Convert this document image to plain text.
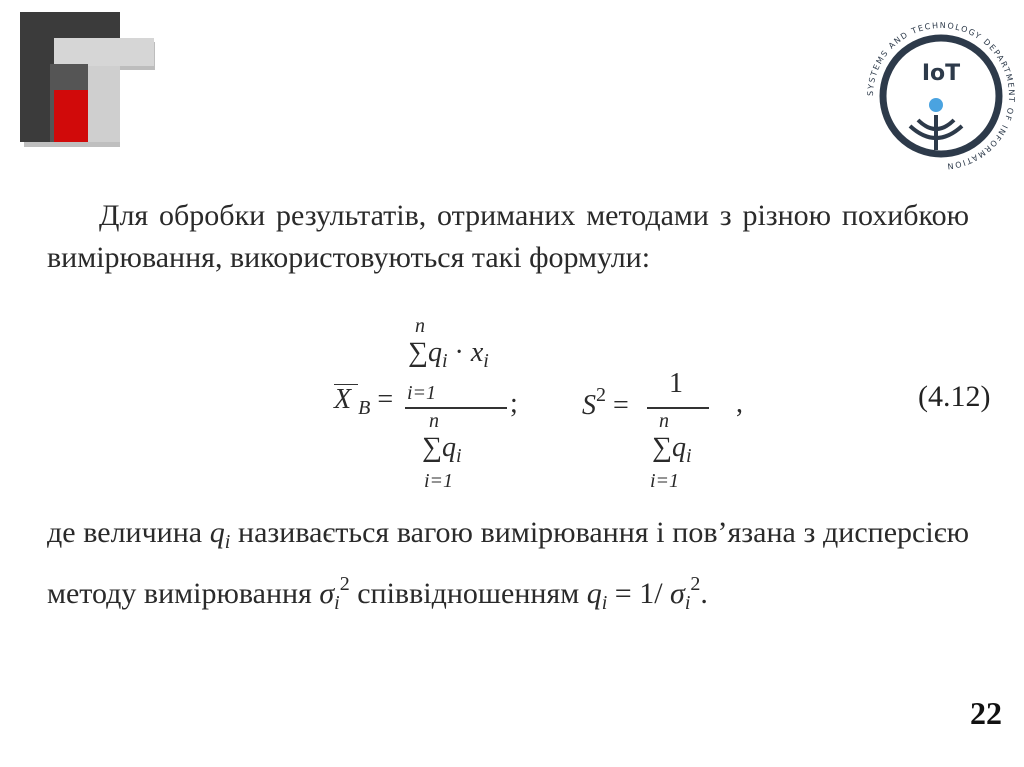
SYSTEMS AND TECHNOLOGY DEPARTMENT OF INFORMATION
IoT
Для обробки результатів, отриманих методами з різною похибкою вимірювання, використовуються такі формули:
X $_B$ =
n
$\sum q_i \cdot x_i$
i=1
n
$\sum q_i$
i=1
; $S^2$ =
1
n
$\sum q_i$
i=1
,	(4.12)
де величина $q_i$ називається вагою вимірювання і пов’язана з дисперсією методу вимірювання $\sigma_i^2$ співвідношенням $q_i = 1/$ $\sigma_i^2$.
22
